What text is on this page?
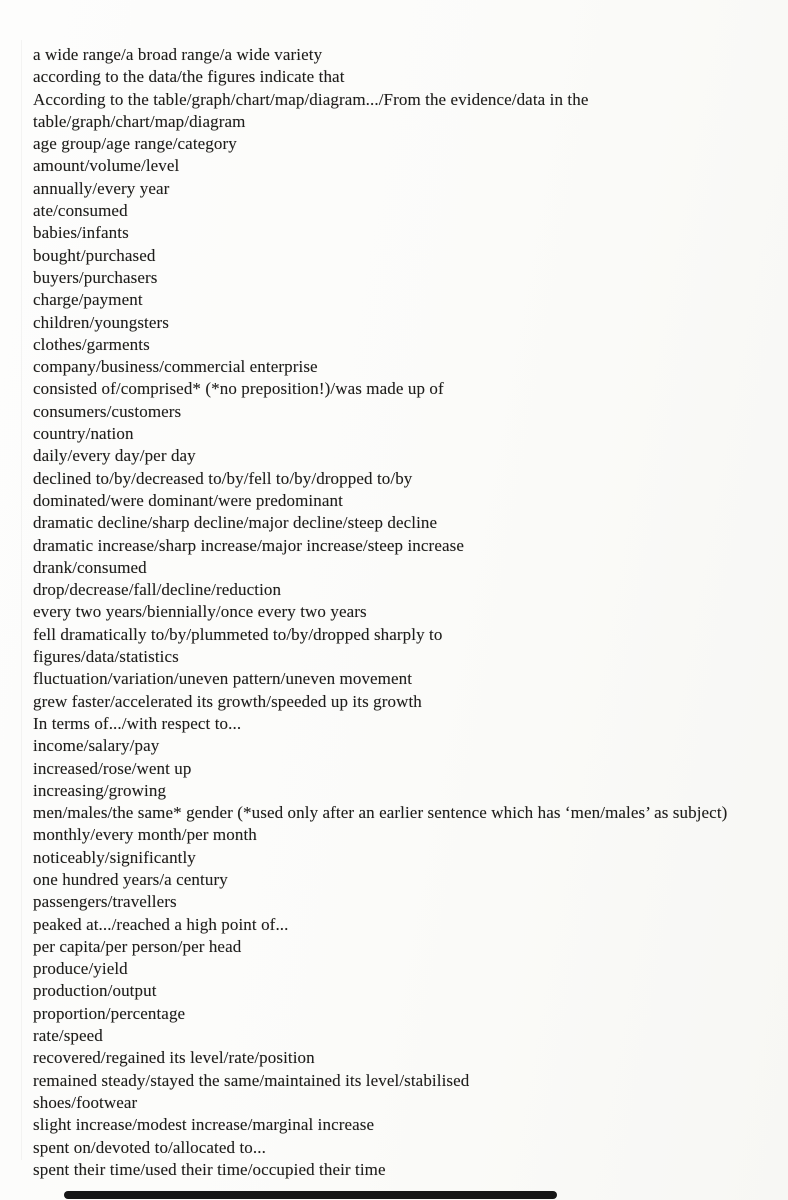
a wide range/a broad range/a wide variety
according to the data/the figures indicate that
According to the table/graph/chart/map/diagram.../From the evidence/data in the
table/graph/chart/map/diagram
age group/age range/category
amount/volume/level
annually/every year
ate/consumed
babies/infants
bought/purchased
buyers/purchasers
charge/payment
children/youngsters
clothes/garments
company/business/commercial enterprise
consisted of/comprised* (*no preposition!)/was made up of
consumers/customers
country/nation
daily/every day/per day
declined to/by/decreased to/by/fell to/by/dropped to/by
dominated/were dominant/were predominant
dramatic decline/sharp decline/major decline/steep decline
dramatic increase/sharp increase/major increase/steep increase
drank/consumed
drop/decrease/fall/decline/reduction
every two years/biennially/once every two years
fell dramatically to/by/plummeted to/by/dropped sharply to
figures/data/statistics
fluctuation/variation/uneven pattern/uneven movement
grew faster/accelerated its growth/speeded up its growth
In terms of.../with respect to...
income/salary/pay
increased/rose/went up
increasing/growing
men/males/the same* gender (*used only after an earlier sentence which has ‘men/males’ as subject)
monthly/every month/per month
noticeably/significantly
one hundred years/a century
passengers/travellers
peaked at.../reached a high point of...
per capita/per person/per head
produce/yield
production/output
proportion/percentage
rate/speed
recovered/regained its level/rate/position
remained steady/stayed the same/maintained its level/stabilised
shoes/footwear
slight increase/modest increase/marginal increase
spent on/devoted to/allocated to...
spent their time/used their time/occupied their time
